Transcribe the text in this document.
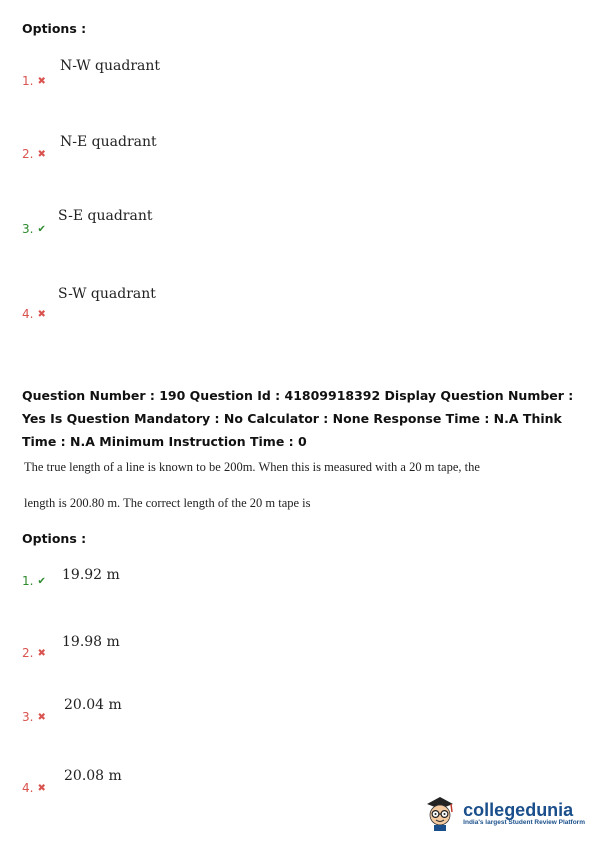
Options :
N-W quadrant
1. ✖
N-E quadrant
2. ✖
S-E quadrant
3. ✔
S-W quadrant
4. ✖
Question Number : 190 Question Id : 41809918392 Display Question Number : Yes Is Question Mandatory : No Calculator : None Response Time : N.A Think Time : N.A Minimum Instruction Time : 0
The true length of a line is known to be 200m. When this is measured with a 20 m tape, the
length is 200.80 m. The correct length of the 20 m tape is
Options :
19.92 m
1. ✔
19.98 m
2. ✖
20.04 m
3. ✖
20.08 m
4. ✖
collegedunia
India's largest Student Review Platform
